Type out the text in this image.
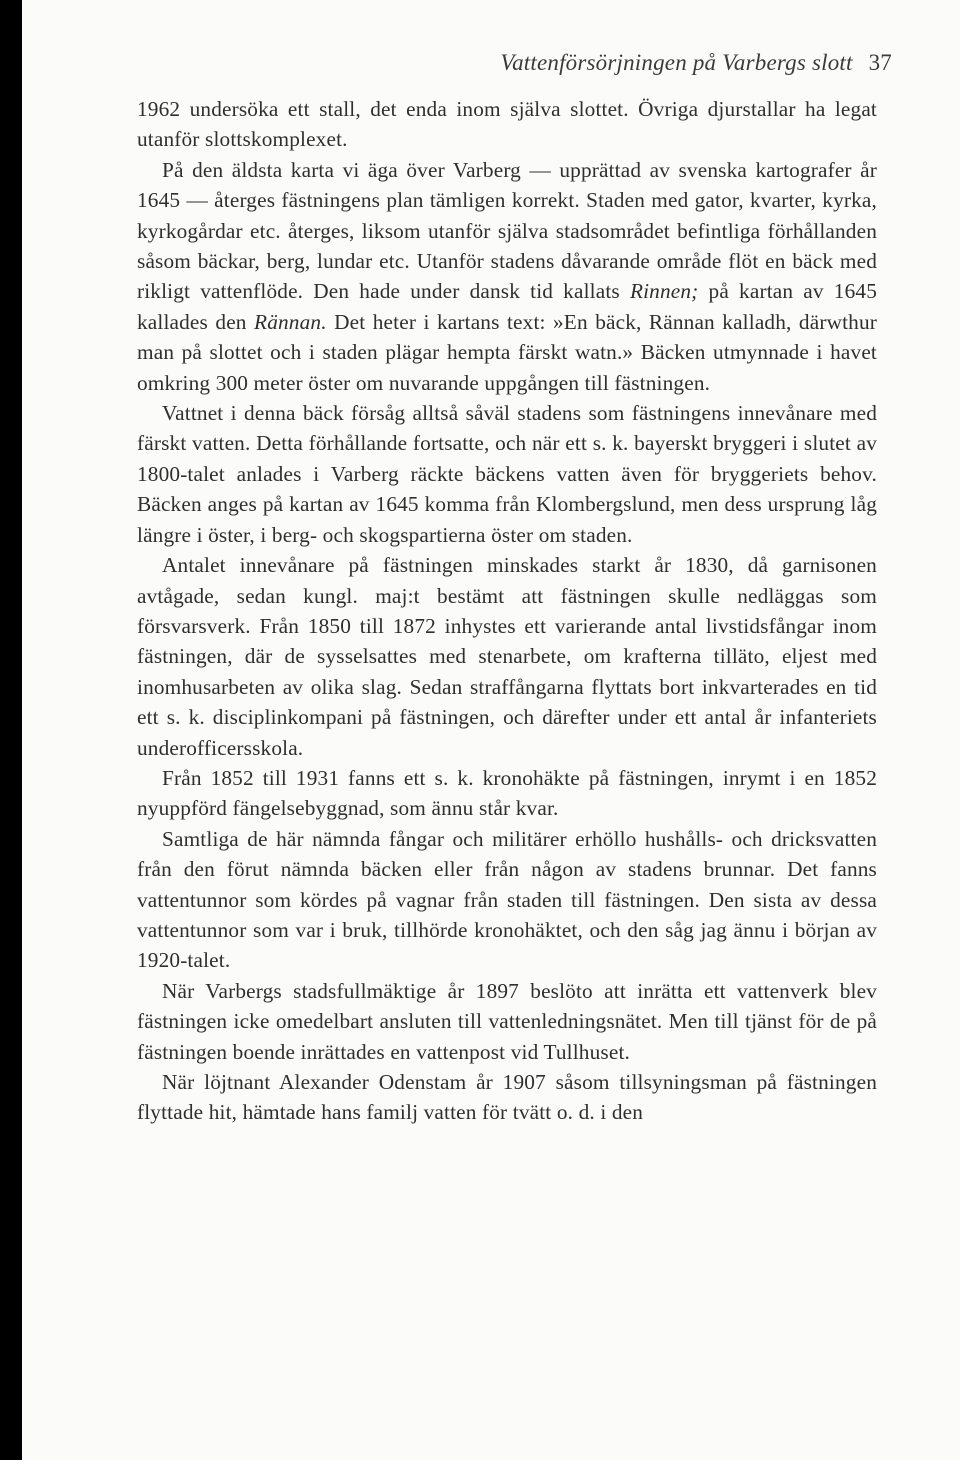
Vattenförsörjningen på Varbergs slott 37

1962 undersöka ett stall, det enda inom själva slottet. Övriga djurstallar ha legat utanför slottskomplexet.

På den äldsta karta vi äga över Varberg — upprättad av svenska kartografer år 1645 — återges fästningens plan tämligen korrekt. Staden med gator, kvarter, kyrka, kyrkogårdar etc. återges, liksom utanför själva stadsområdet befintliga förhållanden såsom bäckar, berg, lundar etc. Utanför stadens dåvarande område flöt en bäck med rikligt vattenflöde. Den hade under dansk tid kallats Rinnen; på kartan av 1645 kallades den Rännan. Det heter i kartans text: »En bäck, Rännan kalladh, därwthur man på slottet och i staden plägar hempta färskt watn.» Bäcken utmynnade i havet omkring 300 meter öster om nuvarande uppgången till fästningen.

Vattnet i denna bäck försåg alltså såväl stadens som fästningens innevånare med färskt vatten. Detta förhållande fortsatte, och när ett s. k. bayerskt bryggeri i slutet av 1800-talet anlades i Varberg räckte bäckens vatten även för bryggeriets behov. Bäcken anges på kartan av 1645 komma från Klombergslund, men dess ursprung låg längre i öster, i berg- och skogspartierna öster om staden.

Antalet innevånare på fästningen minskades starkt år 1830, då garnisonen avtågade, sedan kungl. maj:t bestämt att fästningen skulle nedläggas som försvarsverk. Från 1850 till 1872 inhystes ett varierande antal livstidsfångar inom fästningen, där de sysselsattes med stenarbete, om krafterna tilläto, eljest med inomhusarbeten av olika slag. Sedan straffångarna flyttats bort inkvarterades en tid ett s. k. disciplinkompani på fästningen, och därefter under ett antal år infanteriets underofficersskola.

Från 1852 till 1931 fanns ett s. k. kronohäkte på fästningen, inrymt i en 1852 nyuppförd fängelsebyggnad, som ännu står kvar.

Samtliga de här nämnda fångar och militärer erhöllo hushålls- och dricksvatten från den förut nämnda bäcken eller från någon av stadens brunnar. Det fanns vattentunnor som kördes på vagnar från staden till fästningen. Den sista av dessa vattentunnor som var i bruk, tillhörde kronohäktet, och den såg jag ännu i början av 1920-talet.

När Varbergs stadsfullmäktige år 1897 beslöto att inrätta ett vattenverk blev fästningen icke omedelbart ansluten till vattenledningsnätet. Men till tjänst för de på fästningen boende inrättades en vattenpost vid Tullhuset.

När löjtnant Alexander Odenstam år 1907 såsom tillsyningsman på fästningen flyttade hit, hämtade hans familj vatten för tvätt o. d. i den
